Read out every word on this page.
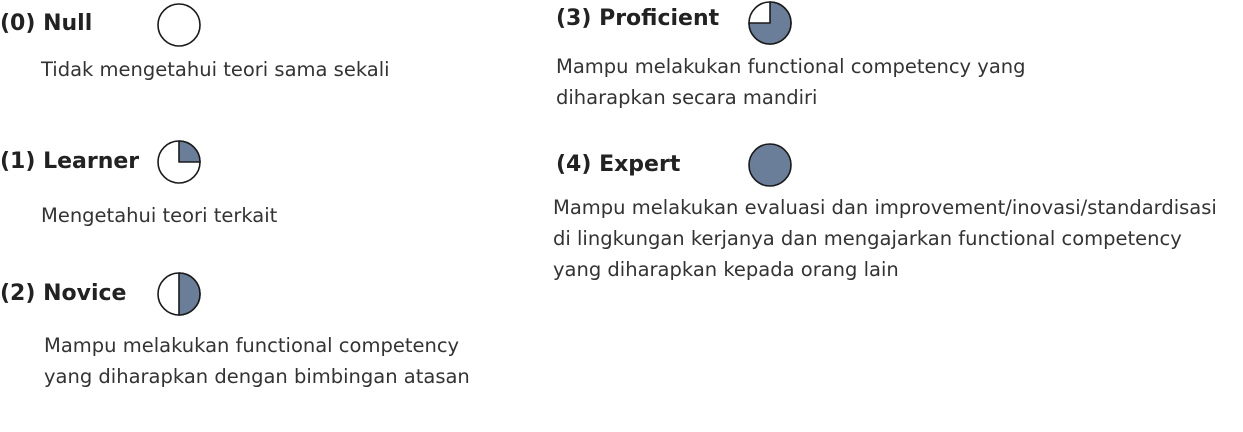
(0) Null
Tidak mengetahui teori sama sekali
(1) Learner
Mengetahui teori terkait
(2) Novice
Mampu melakukan functional competency
yang diharapkan dengan bimbingan atasan
(3) Proficient
Mampu melakukan functional competency yang
diharapkan secara mandiri
(4) Expert
Mampu melakukan evaluasi dan improvement/inovasi/standardisasi
di lingkungan kerjanya dan mengajarkan functional competency
yang diharapkan kepada orang lain
